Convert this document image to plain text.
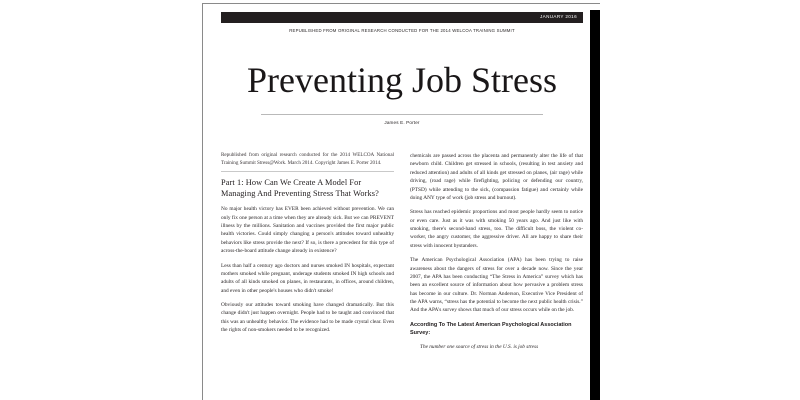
JANUARY 2016
REPUBLISHED FROM ORIGINAL RESEARCH CONDUCTED FOR THE 2014 WELCOA TRAINING SUMMIT
Preventing Job Stress
James E. Porter

Republished from original research conducted for the 2014 WELCOA National Training Summit Stress@Work. March 2014. Copyright James E. Porter 2014.

Part 1: How Can We Create A Model For Managing And Preventing Stress That Works?

No major health victory has EVER been achieved without prevention. We can only fix one person at a time when they are already sick. But we can PREVENT illness by the millions. Sanitation and vaccines provided the first major public health victories. Could simply changing a person's attitudes toward unhealthy behaviors like stress provide the next? If so, is there a precedent for this type of across-the-board attitude change already in existence?

Less than half a century ago doctors and nurses smoked IN hospitals, expectant mothers smoked while pregnant, underage students smoked IN high schools and adults of all kinds smoked on planes, in restaurants, in offices, around children, and even in other people's houses who didn't smoke!

Obviously our attitudes toward smoking have changed dramatically. But this change didn't just happen overnight. People had to be taught and convinced that this was an unhealthy behavior. The evidence had to be made crystal clear. Even the rights of non-smokers needed to be recognized.

chemicals are passed across the placenta and permanently alter the life of that newborn child. Children get stressed in schools, (resulting in test anxiety and reduced attention) and adults of all kinds get stressed on planes, (air rage) while driving, (road rage) while firefighting, policing or defending our country, (PTSD) while attending to the sick, (compassion fatigue) and certainly while doing ANY type of work (job stress and burnout).

Stress has reached epidemic proportions and most people hardly seem to notice or even care. Just as it was with smoking 50 years ago. And just like with smoking, there's second-hand stress, too. The difficult boss, the violent co-worker, the angry customer, the aggressive driver. All are happy to share their stress with innocent bystanders.

The American Psychological Association (APA) has been trying to raise awareness about the dangers of stress for over a decade now. Since the year 2007, the APA has been conducting “The Stress in America” survey which has been an excellent source of information about how pervasive a problem stress has become in our culture. Dr. Norman Anderson, Executive Vice President of the APA warns, “stress has the potential to become the next public health crisis.” And the APA's survey shows that much of our stress occurs while on the job.

According To The Latest American Psychological Association Survey:

The number one source of stress in the U.S. is job stress
